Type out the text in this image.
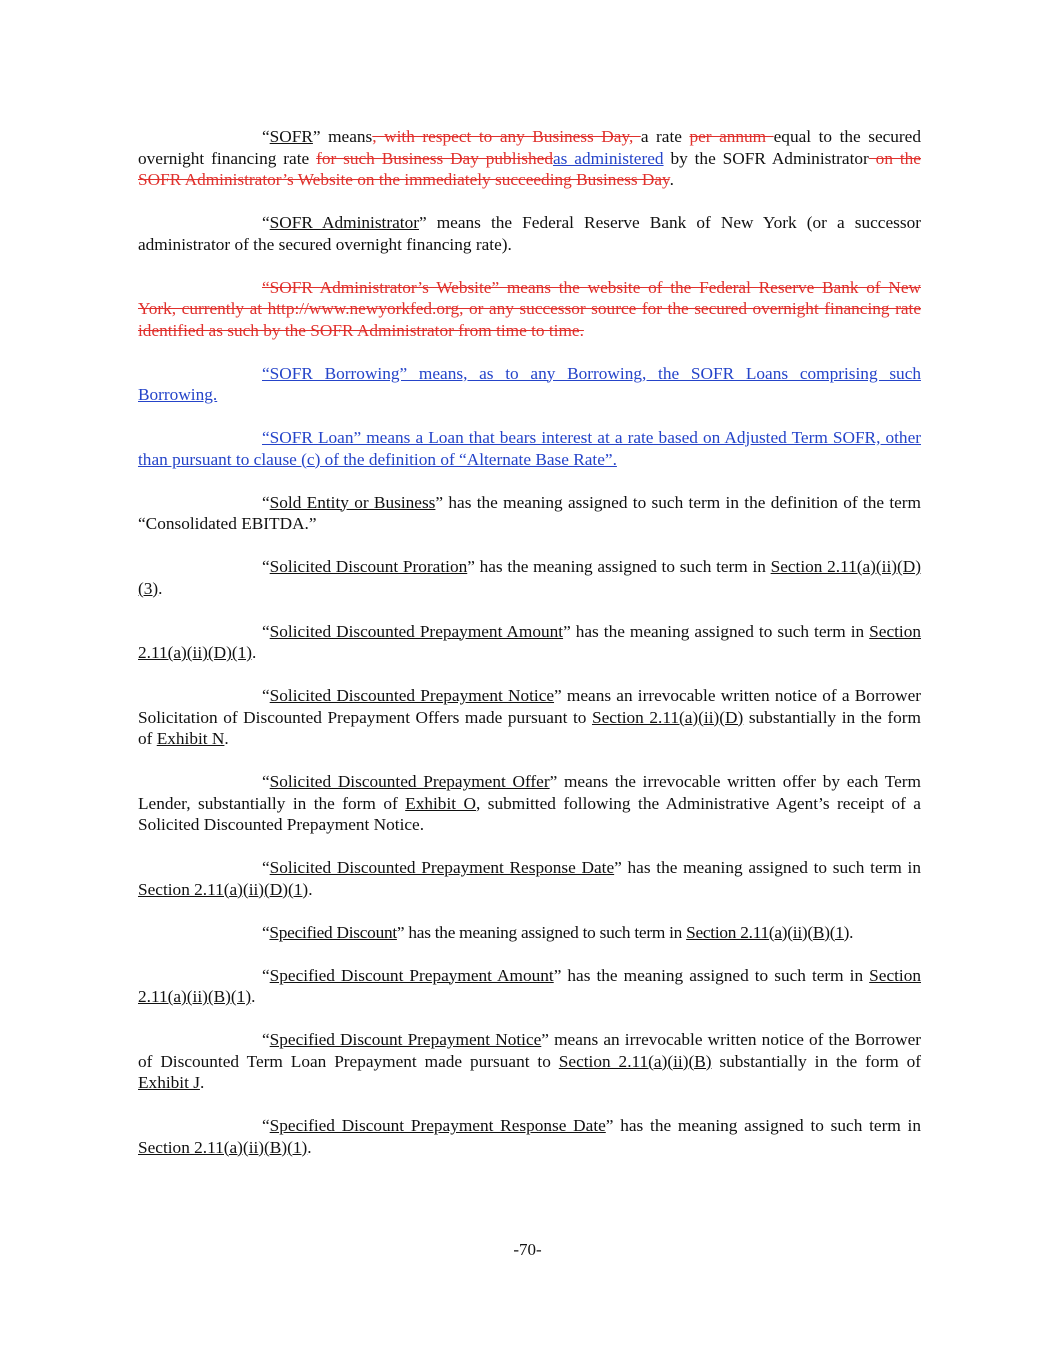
“SOFR” means, with respect to any Business Day, a rate per annum equal to the secured overnight financing rate for such Business Day publishedas administered by the SOFR Administrator on the SOFR Administrator’s Website on the immediately succeeding Business Day.

“SOFR Administrator” means the Federal Reserve Bank of New York (or a successor administrator of the secured overnight financing rate).

“SOFR Administrator’s Website” means the website of the Federal Reserve Bank of New York, currently at http://www.newyorkfed.org, or any successor source for the secured overnight financing rate identified as such by the SOFR Administrator from time to time.

“SOFR Borrowing” means, as to any Borrowing, the SOFR Loans comprising such Borrowing.

“SOFR Loan” means a Loan that bears interest at a rate based on Adjusted Term SOFR, other than pursuant to clause (c) of the definition of “Alternate Base Rate”.

“Sold Entity or Business” has the meaning assigned to such term in the definition of the term “Consolidated EBITDA.”

“Solicited Discount Proration” has the meaning assigned to such term in Section 2.11(a)(ii)(D)(3).

“Solicited Discounted Prepayment Amount” has the meaning assigned to such term in Section 2.11(a)(ii)(D)(1).

“Solicited Discounted Prepayment Notice” means an irrevocable written notice of a Borrower Solicitation of Discounted Prepayment Offers made pursuant to Section 2.11(a)(ii)(D) substantially in the form of Exhibit N.

“Solicited Discounted Prepayment Offer” means the irrevocable written offer by each Term Lender, substantially in the form of Exhibit O, submitted following the Administrative Agent’s receipt of a Solicited Discounted Prepayment Notice.

“Solicited Discounted Prepayment Response Date” has the meaning assigned to such term in Section 2.11(a)(ii)(D)(1).

“Specified Discount” has the meaning assigned to such term in Section 2.11(a)(ii)(B)(1).

“Specified Discount Prepayment Amount” has the meaning assigned to such term in Section 2.11(a)(ii)(B)(1).

“Specified Discount Prepayment Notice” means an irrevocable written notice of the Borrower of Discounted Term Loan Prepayment made pursuant to Section 2.11(a)(ii)(B) substantially in the form of Exhibit J.

“Specified Discount Prepayment Response Date” has the meaning assigned to such term in Section 2.11(a)(ii)(B)(1).

-70-
